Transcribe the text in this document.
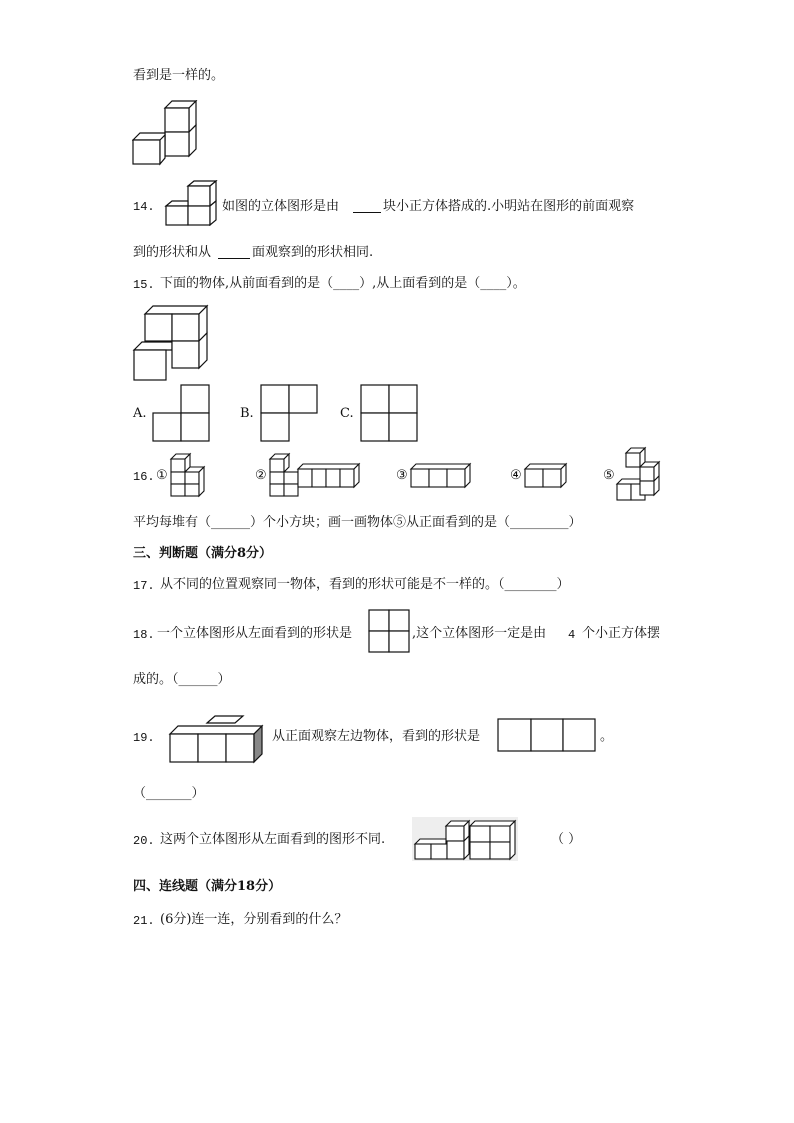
看到是一样的。
14.	如图的立体图形是由	块小正方体搭成的.小明站在图形的前面观察
到的形状和从	面观察到的形状相同.
15. 下面的物体,从前面看到的是（____）,从上面看到的是（____）。
A.	B.	C.
16. ①	②	③	④	⑤
平均每堆有（______）个小方块；画一画物体⑤从正面看到的是（_________）
三、判断题（满分8分）
17. 从不同的位置观察同一物体，看到的形状可能是不一样的。（________）
18. 一个立体图形从左面看到的形状是	,这个立体图形一定是由 4 个小正方体摆
成的。（______）
19.	从正面观察左边物体，看到的形状是	。
（_______）
20. 这两个立体图形从左面看到的图形不同.	（ ）
四、连线题（满分18分）
21. (6分)连一连，分别看到的什么？
